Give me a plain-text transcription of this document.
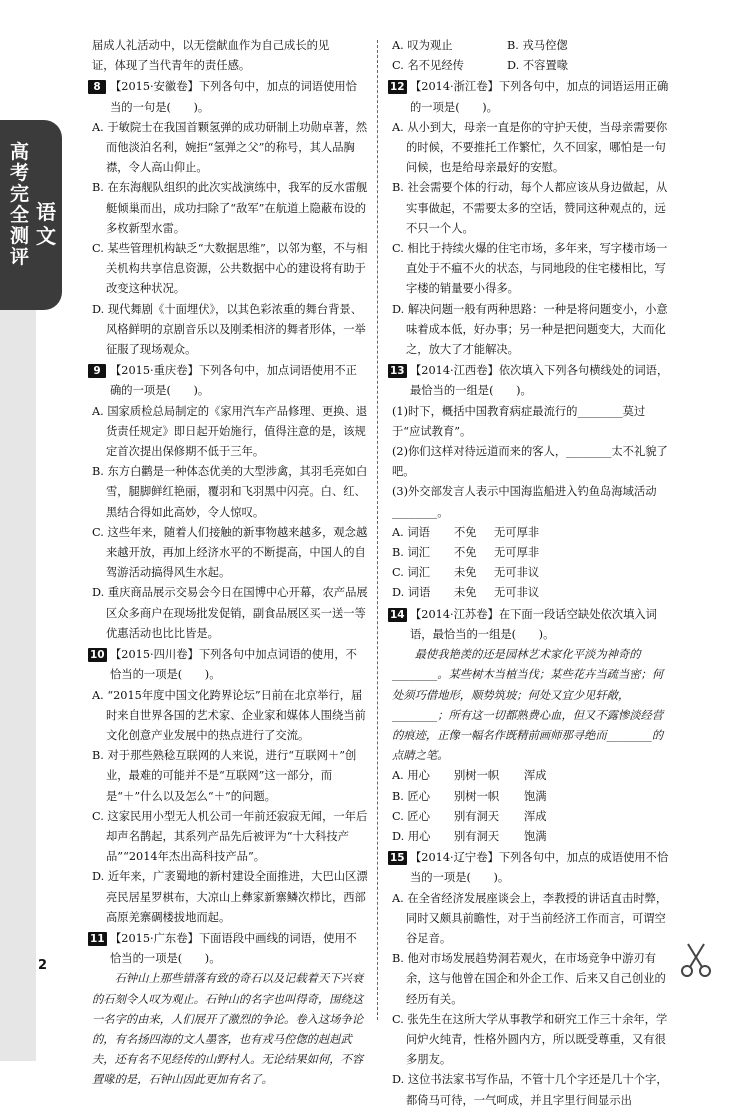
高考完全测评
语文
届成人礼活动中，以无偿献血作为自己成长的见
证，体现了当代青年的责任感。
8 【2015·安徽卷】下列各句中，加点的词语使用恰当的一句是(　　)。
A. 于敏院士在我国首颗氢弹的成功研制上功勋卓著，然而他淡泊名利，婉拒“氢弹之父”的称号，其人品胸襟，令人高山仰止。
B. 在东海舰队组织的此次实战演练中，我军的反水雷舰艇倾巢而出，成功扫除了“敌军”在航道上隐蔽布设的多枚新型水雷。
C. 某些管理机构缺乏“大数据思维”，以邻为壑，不与相关机构共享信息资源，公共数据中心的建设将有助于改变这种状况。
D. 现代舞剧《十面埋伏》，以其色彩浓重的舞台背景、风格鲜明的京剧音乐以及刚柔相济的舞者形体，一举征服了现场观众。
9 【2015·重庆卷】下列各句中，加点词语使用不正确的一项是(　　)。
A. 国家质检总局制定的《家用汽车产品修理、更换、退货责任规定》即日起开始施行，值得注意的是，该规定首次提出保修期不低于三年。
B. 东方白鹳是一种体态优美的大型涉禽，其羽毛亮如白雪，腿脚鲜红艳丽，覆羽和飞羽黑中闪亮。白、红、黑结合得如此高妙，令人惊叹。
C. 这些年来，随着人们接触的新事物越来越多，观念越来越开放，再加上经济水平的不断提高，中国人的自驾游活动搞得风生水起。
D. 重庆商品展示交易会今日在国博中心开幕，农产品展区众多商户在现场批发促销，副食品展区买一送一等优惠活动也比比皆是。
10 【2015·四川卷】下列各句中加点词语的使用，不恰当的一项是(　　)。
A. “2015年度中国文化跨界论坛”日前在北京举行，届时来自世界各国的艺术家、企业家和媒体人围绕当前文化创意产业发展中的热点进行了交流。
B. 对于那些熟稔互联网的人来说，进行“互联网＋”创业，最难的可能并不是“互联网”这一部分，而是“＋”什么以及怎么“＋”的问题。
C. 这家民用小型无人机公司一年前还寂寂无闻，一年后却声名鹊起，其系列产品先后被评为“十大科技产品”“2014年杰出高科技产品”。
D. 近年来，广袤蜀地的新村建设全面推进，大巴山区漂亮民居星罗棋布，大凉山上彝家新寨鳞次栉比，西部高原羌寨碉楼拔地而起。
11 【2015·广东卷】下面语段中画线的词语，使用不恰当的一项是(　　)。
石钟山上那些错落有致的奇石以及记载着天下兴衰的石刻令人叹为观止。石钟山的名字也叫得奇，围绕这一名字的由来，人们展开了激烈的争论。卷入这场争论的，有名扬四海的文人墨客，也有戎马倥偬的赳赳武夫，还有名不见经传的山野村人。无论结果如何，不容置喙的是，石钟山因此更加有名了。
A. 叹为观止	B. 戎马倥偬
C. 名不见经传	D. 不容置喙
12 【2014·浙江卷】下列各句中，加点的词语运用正确的一项是(　　)。
A. 从小到大，母亲一直是你的守护天使，当母亲需要你的时候，不要推托工作繁忙，久不回家，哪怕是一句问候，也是给母亲最好的安慰。
B. 社会需要个体的行动，每个人都应该从身边做起，从实事做起，不需要太多的空话，赞同这种观点的，远不只一个人。
C. 相比于持续火爆的住宅市场，多年来，写字楼市场一直处于不瘟不火的状态，与同地段的住宅楼相比，写字楼的销量要小得多。
D. 解决问题一般有两种思路：一种是将问题变小，小意味着成本低，好办事；另一种是把问题变大，大而化之，放大了才能解决。
13 【2014·江西卷】依次填入下列各句横线处的词语，最恰当的一组是(　　)。
(1)时下，概括中国教育病症最流行的________莫过于“应试教育”。
(2)你们这样对待远道而来的客人，________太不礼貌了吧。
(3)外交部发言人表示中国海监船进入钓鱼岛海域活动________。
A. 词语 不免 无可厚非
B. 词汇 不免 无可厚非
C. 词汇 未免 无可非议
D. 词语 未免 无可非议
14 【2014·江苏卷】在下面一段话空缺处依次填入词语，最恰当的一组是(　　)。
最使我艳羡的还是园林艺术家化平淡为神奇的________。某些树木当植当伐；某些花卉当疏当密；何处须巧借地形，顺势筑坡；何处又宜少见轩敞，________；所有这一切都熟费心血，但又不露惨淡经营的痕迹，正像一幅名作既精前画师那寻绝而________的点睛之笔。
A. 用心 别树一帜 浑成
B. 匠心 别树一帜 饱满
C. 匠心 别有洞天 浑成
D. 用心 别有洞天 饱满
15 【2014·辽宁卷】下列各句中，加点的成语使用不恰当的一项是(　　)。
A. 在全省经济发展座谈会上，李教授的讲话直击时弊，同时又颇具前瞻性，对于当前经济工作而言，可谓空谷足音。
B. 他对市场发展趋势洞若观火，在市场竞争中游刃有余，这与他曾在国企和外企工作、后来又自己创业的经历有关。
C. 张先生在这所大学从事教学和研究工作三十余年，学问炉火纯青，性格外圆内方，所以既受尊重，又有很多朋友。
D. 这位书法家书写作品，不管十几个字还是几十个字，都倚马可待，一气呵成，并且字里行间显示出
2
